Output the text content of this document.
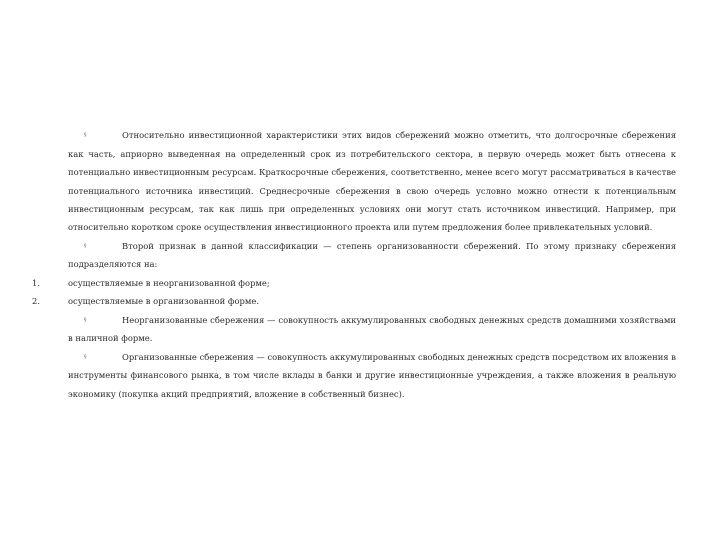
§	Относительно инвестиционной характеристики этих видов сбережений можно отметить, что долгосрочные сбережения как часть, априорно выведенная на определенный срок из потребительского сектора, в первую очередь может быть отнесена к потенциально инвестиционным ресурсам. Краткосрочные сбережения, соответственно, менее всего могут рассматриваться в качестве потенциального источника инвестиций. Среднесрочные сбережения в свою очередь условно можно отнести к потенциальным инвестиционным ресурсам, так как лишь при определенных условиях они могут стать источником инвестиций. Например, при относительно коротком сроке осуществления инвестиционного проекта или путем предложения более привлекательных условий.

§	Второй признак в данной классификации — степень организованности сбережений. По этому признаку сбережения подразделяются на:

1.	осуществляемые в неорганизованной форме;

2.	осуществляемые в организованной форме.

§	Неорганизованные сбережения — совокупность аккумулированных свободных денежных средств домашними хозяйствами в наличной форме.

§	Организованные сбережения — совокупность аккумулированных свободных денежных средств посредством их вложения в инструменты финансового рынка, в том числе вклады в банки и другие инвестиционные учреждения, а также вложения в реальную экономику (покупка акций предприятий, вложение в собственный бизнес).
